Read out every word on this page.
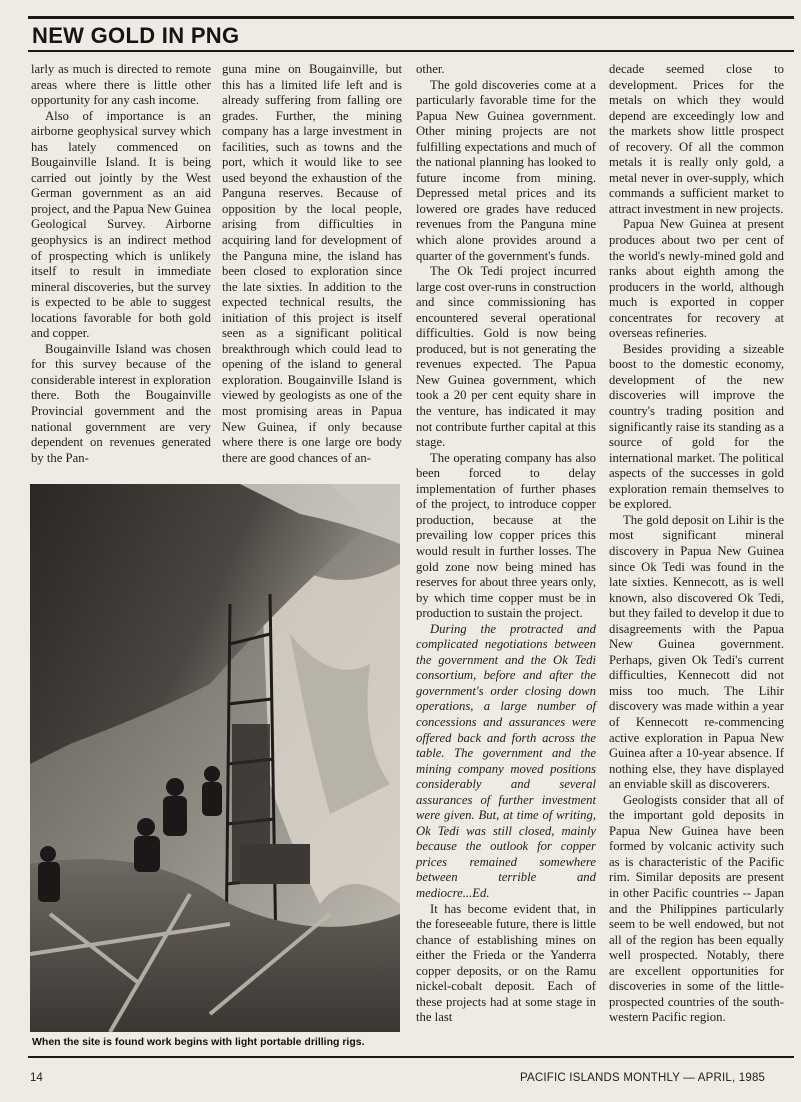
NEW GOLD IN PNG

larly as much is directed to remote areas where there is little other opportunity for any cash income.

Also of importance is an airborne geophysical survey which has lately commenced on Bougainville Island. It is being carried out jointly by the West German government as an aid project, and the Papua New Guinea Geological Survey. Airborne geophysics is an indirect method of prospecting which is unlikely itself to result in immediate mineral discoveries, but the survey is expected to be able to suggest locations favorable for both gold and copper.

Bougainville Island was chosen for this survey because of the considerable interest in exploration there. Both the Bougainville Provincial government and the national government are very dependent on revenues generated by the Pan-

guna mine on Bougainville, but this has a limited life left and is already suffering from falling ore grades. Further, the mining company has a large investment in facilities, such as towns and the port, which it would like to see used beyond the exhaustion of the Panguna reserves. Because of opposition by the local people, arising from difficulties in acquiring land for development of the Panguna mine, the island has been closed to exploration since the late sixties. In addition to the expected technical results, the initiation of this project is itself seen as a significant political breakthrough which could lead to opening of the island to general exploration. Bougainville Island is viewed by geologists as one of the most promising areas in Papua New Guinea, if only because where there is one large ore body there are good chances of an-

other.

The gold discoveries come at a particularly favorable time for the Papua New Guinea government. Other mining projects are not fulfilling expectations and much of the national planning has looked to future income from mining. Depressed metal prices and its lowered ore grades have reduced revenues from the Panguna mine which alone provides around a quarter of the government's funds.

The Ok Tedi project incurred large cost over-runs in construction and since commissioning has encountered several operational difficulties. Gold is now being produced, but is not generating the revenues expected. The Papua New Guinea government, which took a 20 per cent equity share in the venture, has indicated it may not contribute further capital at this stage.

The operating company has also been forced to delay implementation of further phases of the project, to introduce copper production, because at the prevailing low copper prices this would result in further losses. The gold zone now being mined has reserves for about three years only, by which time copper must be in production to sustain the project.

During the protracted and complicated negotiations between the government and the Ok Tedi consortium, before and after the government's order closing down operations, a large number of concessions and assurances were offered back and forth across the table. The government and the mining company moved positions considerably and several assurances of further investment were given. But, at time of writing, Ok Tedi was still closed, mainly because the outlook for copper prices remained somewhere between terrible and mediocre...Ed.

It has become evident that, in the foreseeable future, there is little chance of establishing mines on either the Frieda or the Yanderra copper deposits, or on the Ramu nickel-cobalt deposit. Each of these projects had at some stage in the last

decade seemed close to development. Prices for the metals on which they would depend are exceedingly low and the markets show little prospect of recovery. Of all the common metals it is really only gold, a metal never in over-supply, which commands a sufficient market to attract investment in new projects.

Papua New Guinea at present produces about two per cent of the world's newly-mined gold and ranks about eighth among the producers in the world, although much is exported in copper concentrates for recovery at overseas refineries.

Besides providing a sizeable boost to the domestic economy, development of the new discoveries will improve the country's trading position and significantly raise its standing as a source of gold for the international market. The political aspects of the successes in gold exploration remain themselves to be explored.

The gold deposit on Lihir is the most significant mineral discovery in Papua New Guinea since Ok Tedi was found in the late sixties. Kennecott, as is well known, also discovered Ok Tedi, but they failed to develop it due to disagreements with the Papua New Guinea government. Perhaps, given Ok Tedi's current difficulties, Kennecott did not miss too much. The Lihir discovery was made within a year of Kennecott re-commencing active exploration in Papua New Guinea after a 10-year absence. If nothing else, they have displayed an enviable skill as discoverers.

Geologists consider that all of the important gold deposits in Papua New Guinea have been formed by volcanic activity such as is characteristic of the Pacific rim. Similar deposits are present in other Pacific countries -- Japan and the Philippines particularly seem to be well endowed, but not all of the region has been equally well prospected. Notably, there are excellent opportunities for discoveries in some of the little-prospected countries of the south-western Pacific region.

When the site is found work begins with light portable drilling rigs.

14	PACIFIC ISLANDS MONTHLY — APRIL, 1985
